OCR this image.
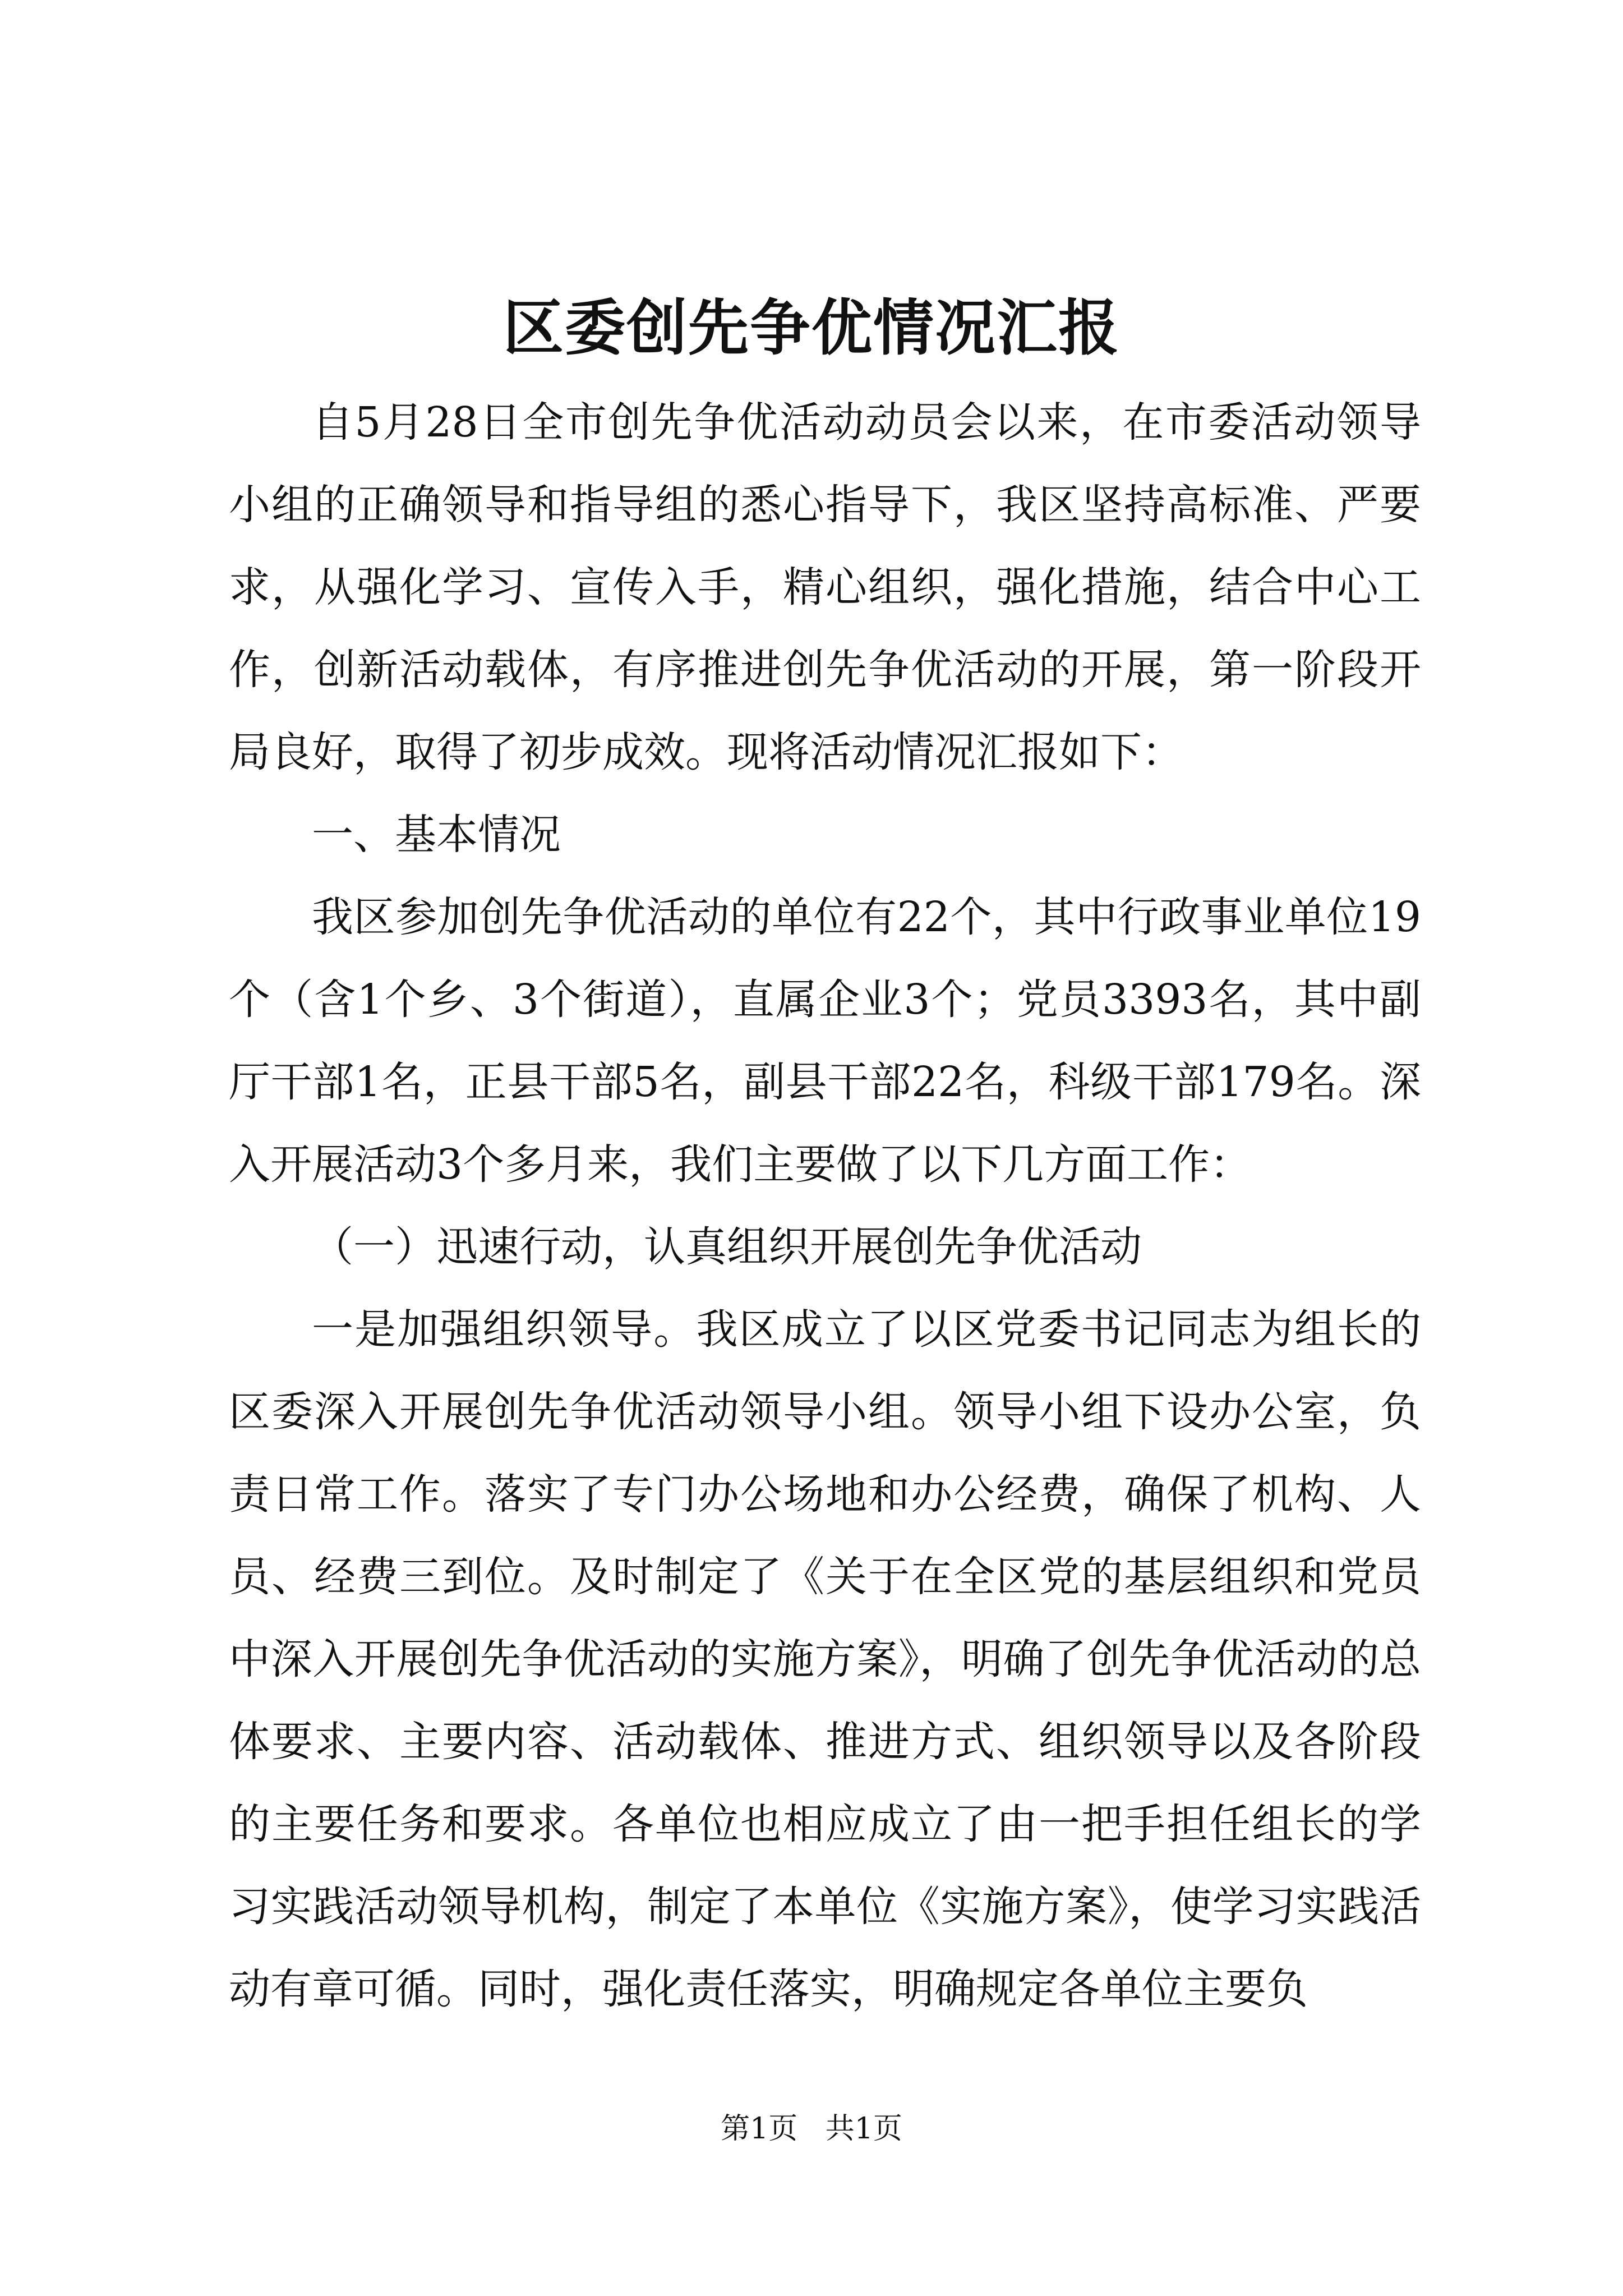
区委创先争优情况汇报

自5月28日全市创先争优活动动员会以来，在市委活动领导小组的正确领导和指导组的悉心指导下，我区坚持高标准、严要求，从强化学习、宣传入手，精心组织，强化措施，结合中心工作，创新活动载体，有序推进创先争优活动的开展，第一阶段开局良好，取得了初步成效。现将活动情况汇报如下：

一、基本情况

我区参加创先争优活动的单位有22个，其中行政事业单位19个（含1个乡、3个街道），直属企业3个；党员3393名，其中副厅干部1名，正县干部5名，副县干部22名，科级干部179名。深入开展活动3个多月来，我们主要做了以下几方面工作：

（一）迅速行动，认真组织开展创先争优活动

一是加强组织领导。我区成立了以区党委书记同志为组长的区委深入开展创先争优活动领导小组。领导小组下设办公室，负责日常工作。落实了专门办公场地和办公经费，确保了机构、人员、经费三到位。及时制定了《关于在全区党的基层组织和党员中深入开展创先争优活动的实施方案》，明确了创先争优活动的总体要求、主要内容、活动载体、推进方式、组织领导以及各阶段的主要任务和要求。各单位也相应成立了由一把手担任组长的学习实践活动领导机构，制定了本单位《实施方案》，使学习实践活动有章可循。同时，强化责任落实，明确规定各单位主要负

第1页 共1页
